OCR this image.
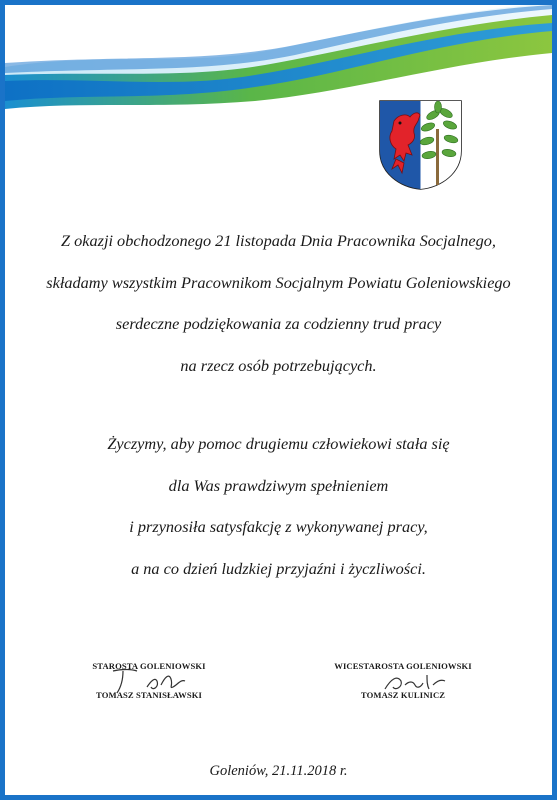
Z okazji obchodzonego 21 listopada Dnia Pracownika Socjalnego,
składamy wszystkim Pracownikom Socjalnym Powiatu Goleniowskiego
serdeczne podziękowania za codzienny trud pracy
na rzecz osób potrzebujących.
Życzymy, aby pomoc drugiemu człowiekowi stała się
dla Was prawdziwym spełnieniem
i przynosiła satysfakcję z wykonywanej pracy,
a na co dzień ludzkiej przyjaźni i życzliwości.
STAROSTA GOLENIOWSKI
TOMASZ STANISŁAWSKI
WICESTAROSTA GOLENIOWSKI
TOMASZ KULINICZ
Goleniów, 21.11.2018 r.
